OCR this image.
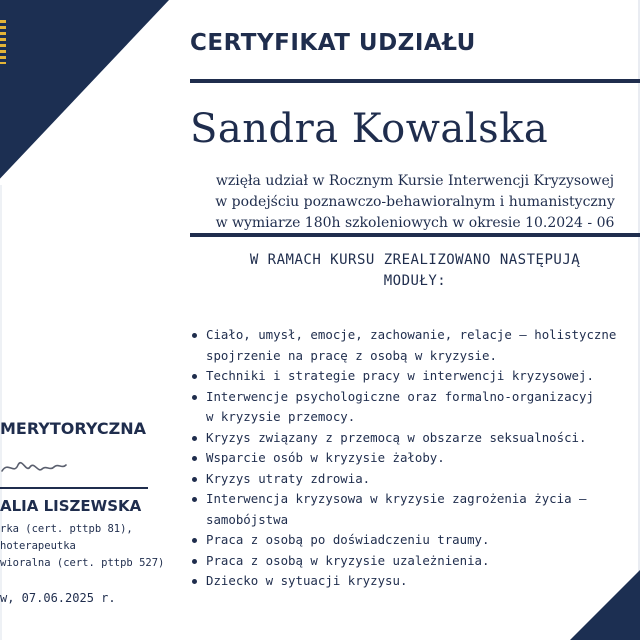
CERTYFIKAT UDZIAŁU
Sandra Kowalska
wzięła udział w Rocznym Kursie Interwencji Kryzysowej
w podejściu poznawczo-behawioralnym i humanistyczny
w wymiarze 180h szkoleniowych w okresie 10.2024 - 06
W RAMACH KURSU ZREALIZOWANO NASTĘPUJĄ
MODUŁY:
Ciało, umysł, emocje, zachowanie, relacje – holistyczne
spojrzenie na pracę z osobą w kryzysie.
Techniki i strategie pracy w interwencji kryzysowej.
Interwencje psychologiczne oraz formalno-organizacyj
w kryzysie przemocy.
Kryzys związany z przemocą w obszarze seksualności.
Wsparcie osób w kryzysie żałoby.
Kryzys utraty zdrowia.
Interwencja kryzysowa w kryzysie zagrożenia życia –
samobójstwa
Praca z osobą po doświadczeniu traumy.
Praca z osobą w kryzysie uzależnienia.
Dziecko w sytuacji kryzysu.
MERYTORYCZNA
ALIA LISZEWSKA
rka (cert. pttpb 81),
hoterapeutka
wioralna (cert. pttpb 527)
w, 07.06.2025 r.
